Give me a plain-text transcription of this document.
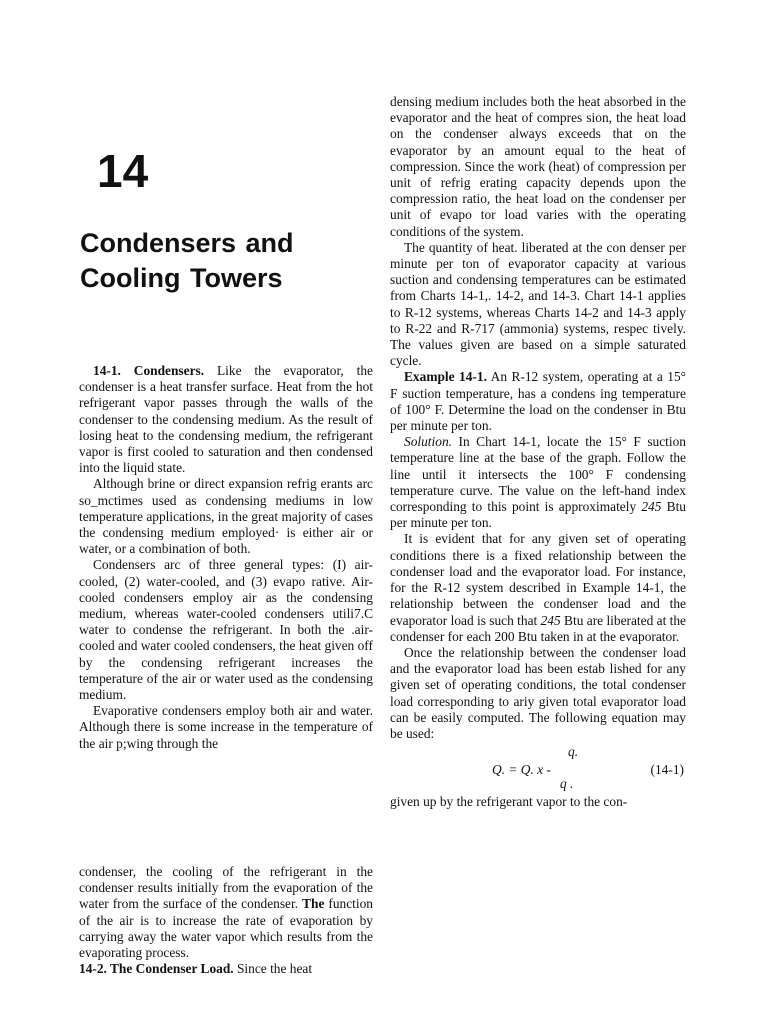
14
Condensers and
Cooling Towers

14-1. Condensers. Like the evaporator, the condenser is a heat transfer surface. Heat from the hot refrigerant vapor passes through the walls of the condenser to the condensing medium. As the result of losing heat to the condensing medium, the refrigerant vapor is first cooled to saturation and then condensed into the liquid state.

Although brine or direct expansion refrig erants arc so_mctimes used as condensing mediums in low temperature applications, in the great majority of cases the condensing medium employed· is either air or water, or a combination of both.

Condensers arc of three general types: (I) air-cooled, (2) water-cooled, and (3) evapo rative. Air-cooled condensers employ air as the condensing medium, whereas water-cooled condensers utili7.C water to condense the refrigerant. In both the .air-cooled and water cooled condensers, the heat given off by the condensing refrigerant increases the temperature of the air or water used as the condensing medium.

Evaporative condensers employ both air and water. Although there is some increase in the temperature of the air p;wing through the

condenser, the cooling of the refrigerant in the condenser results initially from the evaporation of the water from the surface of the condenser. The function of the air is to increase the rate of evaporation by carrying away the water vapor which results from the evaporating process.

14-2. The Condenser Load. Since the heat

densing medium includes both the heat absorbed in the evaporator and the heat of compres sion, the heat load on the condenser always exceeds that on the evaporator by an amount equal to the heat of compression. Since the work (heat) of compression per unit of refrig erating capacity depends upon the compression ratio, the heat load on the condenser per unit of evapo tor load varies with the operating conditions of the system.

The quantity of heat. liberated at the con denser per minute per ton of evaporator capacity at various suction and condensing temperatures can be estimated from Charts 14-1,. 14-2, and 14-3. Chart 14-1 applies to R-12 systems, whereas Charts 14-2 and 14-3 apply to R-22 and R-717 (ammonia) systems, respec tively. The values given are based on a simple saturated cycle.

Example 14-1. An R-12 system, operating at a 15° F suction temperature, has a condens ing temperature of 100° F. Determine the load on the condenser in Btu per minute per ton.

Solution. In Chart 14-1, locate the 15° F suction temperature line at the base of the graph. Follow the line until it intersects the 100° F condensing temperature curve. The value on the left-hand index corresponding to this point is approximately 245 Btu per minute per ton.

It is evident that for any given set of operating conditions there is a fixed relationship between the condenser load and the evaporator load. For instance, for the R-12 system described in Example 14-1, the relationship between the condenser load and the evaporator load is such that 245 Btu are liberated at the condenser for each 200 Btu taken in at the evaporator.

Once the relationship between the condenser load and the evaporator load has been estab lished for any given set of operating conditions, the total condenser load corresponding to ariy given total evaporator load can be easily computed. The following equation may be used:

q.
Q. = Q. x -
q .
(14-1)

given up by the refrigerant vapor to the con-
